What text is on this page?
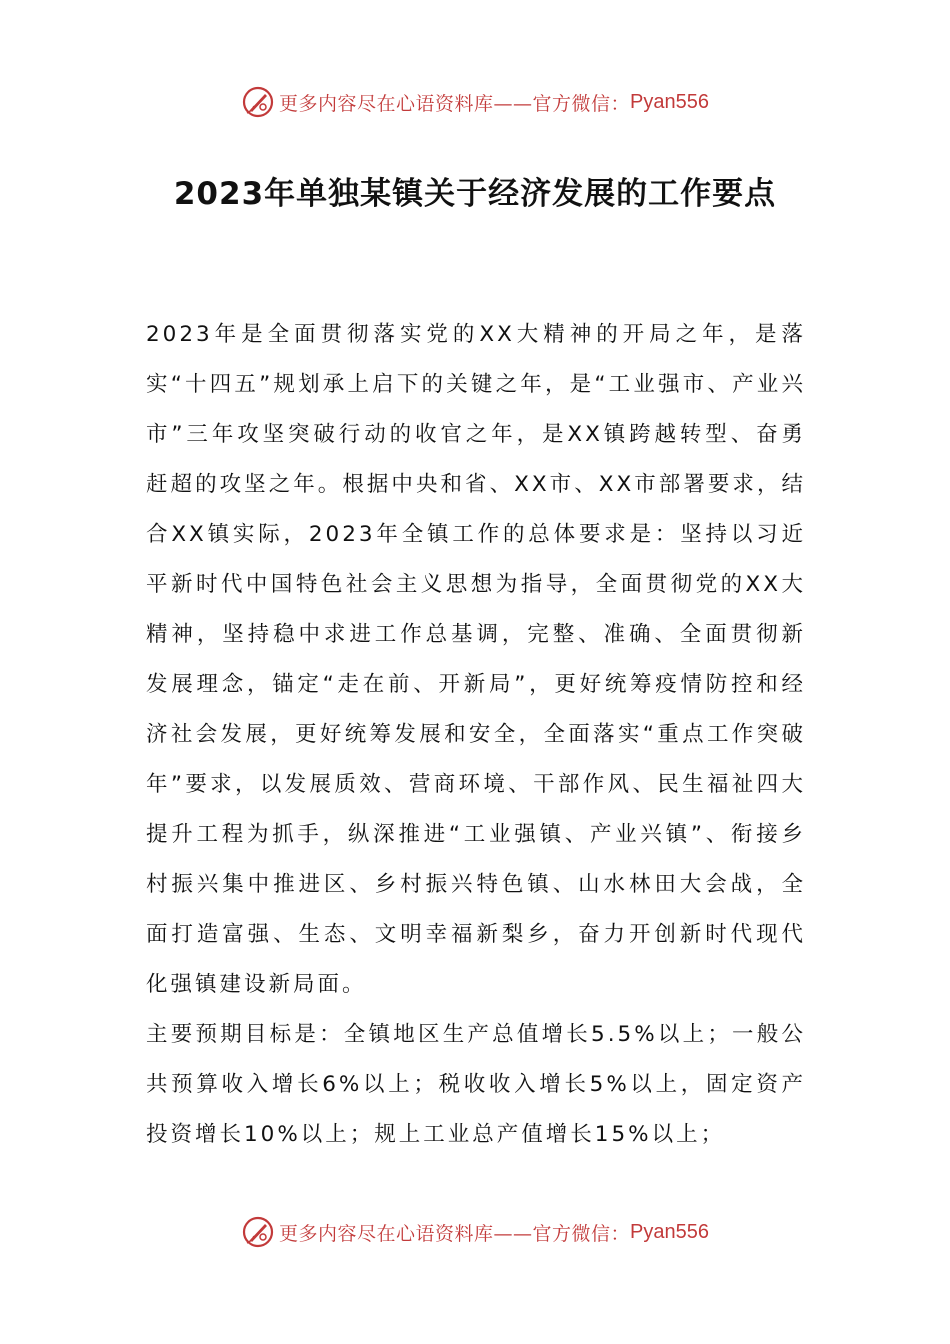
更多内容尽在心语资料库——官方微信： Pyan556
2023年单独某镇关于经济发展的工作要点

2023年是全面贯彻落实党的XX大精神的开局之年，是落实“十四五”规划承上启下的关键之年，是“工业强市、产业兴市”三年攻坚突破行动的收官之年，是XX镇跨越转型、奋勇赶超的攻坚之年。根据中央和省、XX市、XX市部署要求，结合XX镇实际，2023年全镇工作的总体要求是：坚持以习近平新时代中国特色社会主义思想为指导，全面贯彻党的XX大精神，坚持稳中求进工作总基调，完整、准确、全面贯彻新发展理念，锚定“走在前、开新局”，更好统筹疫情防控和经济社会发展，更好统筹发展和安全，全面落实“重点工作突破年”要求，以发展质效、营商环境、干部作风、民生福祉四大提升工程为抓手，纵深推进“工业强镇、产业兴镇”、衔接乡村振兴集中推进区、乡村振兴特色镇、山水林田大会战，全面打造富强、生态、文明幸福新梨乡，奋力开创新时代现代化强镇建设新局面。

主要预期目标是：全镇地区生产总值增长5.5%以上；一般公共预算收入增长6%以上；税收收入增长5%以上，固定资产投资增长10%以上；规上工业总产值增长15%以上；

更多内容尽在心语资料库——官方微信： Pyan556
